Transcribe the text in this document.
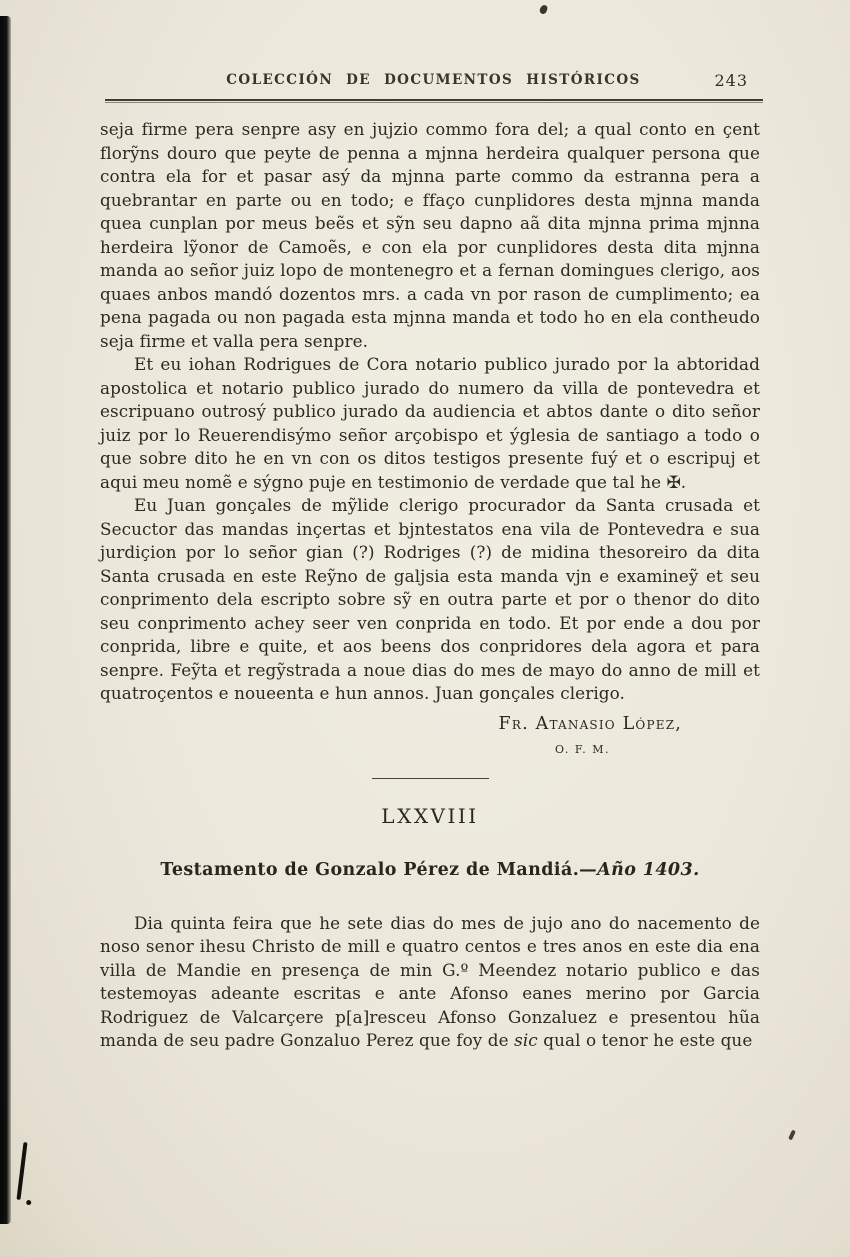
COLECCIÓN DE DOCUMENTOS HISTÓRICOS	243

seja firme pera senpre asy en jujzio commo fora del; a qual conto en çent florỹns douro que peyte de penna a mjnna herdeira qualquer persona que contra ela for et pasar asý da mjnna parte commo da estranna pera a quebrantar en parte ou en todo; e ffaço cunplidores desta mjnna manda quea cunplan por meus beẽs et sỹn seu dapno aã dita mjnna prima mjnna herdeira lỹonor de Camoẽs, e con ela por cunplidores desta dita mjnna manda ao señor juiz lopo de montenegro et a fernan domingues clerigo, aos quaes anbos mandó dozentos mrs. a cada vn por rason de cumplimento; ea pena pagada ou non pagada esta mjnna manda et todo ho en ela contheudo seja firme et valla pera senpre.

Et eu iohan Rodrigues de Cora notario publico jurado por la abtoridad apostolica et notario publico jurado do numero da villa de pontevedra et escripuano outrosý publico jurado da audiencia et abtos dante o dito señor juiz por lo Reuerendisýmo señor arçobispo et ýglesia de santiago a todo o que sobre dito he en vn con os ditos testigos presente fuý et o escripuj et aqui meu nomẽ e sýgno puje en testimonio de verdade que tal he ✠.

Eu Juan gonçales de mỹlide clerigo procurador da Santa crusada et Secuctor das mandas inçertas et bjntestatos ena vila de Pontevedra e sua jurdiçion por lo señor gian (?) Rodriges (?) de midina thesoreiro da dita Santa crusada en este Reỹno de galjsia esta manda vjn e examineỹ et seu conprimento dela escripto sobre sỹ en outra parte et por o thenor do dito seu conprimento achey seer ven conprida en todo. Et por ende a dou por conprida, libre e quite, et aos beens dos conpridores dela agora et para senpre. Feỹta et regỹstrada a noue dias do mes de mayo do anno de mill et quatroçentos e noueenta e hun annos. Juan gonçales clerigo.

Fr. Atanasio López,
O. F. M.
LXXVIII
Testamento de Gonzalo Pérez de Mandiá.—Año 1403.

Dia quinta feira que he sete dias do mes de jujo ano do nacemento de noso senor ihesu Christo de mill e quatro centos e tres anos en este dia ena villa de Mandie en presença de min G.º Meendez notario publico e das testemoyas adeante escritas e ante Afonso eanes merino por Garcia Rodriguez de Valcarçere p[a]resceu Afonso Gonzaluez e presentou hũa manda de seu padre Gonzaluo Perez que foy de sic qual o tenor he este que
